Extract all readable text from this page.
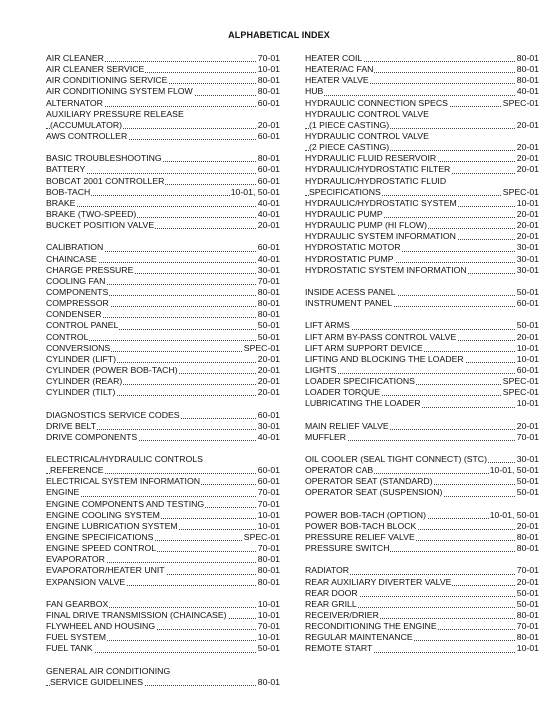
ALPHABETICAL INDEX
AIR CLEANER	70-01
AIR CLEANER SERVICE	10-01
AIR CONDITIONING SERVICE	80-01
AIR CONDITIONING SYSTEM FLOW	80-01
ALTERNATOR	60-01
AUXILIARY PRESSURE RELEASE
(ACCUMULATOR)	20-01
AWS CONTROLLER	60-01
BASIC TROUBLESHOOTING	80-01
BATTERY	60-01
BOBCAT 2001 CONTROLLER	60-01
BOB-TACH	10-01, 50-01
BRAKE	40-01
BRAKE (TWO-SPEED)	40-01
BUCKET POSITION VALVE	20-01
CALIBRATION	60-01
CHAINCASE	40-01
CHARGE PRESSURE	30-01
COOLING FAN	70-01
COMPONENTS	80-01
COMPRESSOR	80-01
CONDENSER	80-01
CONTROL PANEL	50-01
CONTROL	50-01
CONVERSIONS	SPEC-01
CYLINDER (LIFT)	20-01
CYLINDER (POWER BOB-TACH)	20-01
CYLINDER (REAR)	20-01
CYLINDER (TILT)	20-01
DIAGNOSTICS SERVICE CODES	60-01
DRIVE BELT	30-01
DRIVE COMPONENTS	40-01
ELECTRICAL/HYDRAULIC CONTROLS
REFERENCE	60-01
ELECTRICAL SYSTEM INFORMATION	60-01
ENGINE	70-01
ENGINE COMPONENTS AND TESTING	70-01
ENGINE COOLING SYSTEM	10-01
ENGINE LUBRICATION SYSTEM	10-01
ENGINE SPECIFICATIONS	SPEC-01
ENGINE SPEED CONTROL	70-01
EVAPORATOR	80-01
EVAPORATOR/HEATER UNIT	80-01
EXPANSION VALVE	80-01
FAN GEARBOX	10-01
FINAL DRIVE TRANSMISSION (CHAINCASE)	10-01
FLYWHEEL AND HOUSING	70-01
FUEL SYSTEM	10-01
FUEL TANK	50-01
GENERAL AIR CONDITIONING
SERVICE GUIDELINES	80-01
HEATER COIL	80-01
HEATER/AC FAN	80-01
HEATER VALVE	80-01
HUB	40-01
HYDRAULIC CONNECTION SPECS	SPEC-01
HYDRAULIC CONTROL VALVE
(1 PIECE CASTING)	20-01
HYDRAULIC CONTROL VALVE
(2 PIECE CASTING)	20-01
HYDRAULIC FLUID RESERVOIR	20-01
HYDRAULIC/HYDROSTATIC FILTER	20-01
HYDRAULIC/HYDROSTATIC FLUID
SPECIFICATIONS	SPEC-01
HYDRAULIC/HYDROSTATIC SYSTEM	10-01
HYDRAULIC PUMP	20-01
HYDRAULIC PUMP (HI FLOW)	20-01
HYDRAULIC SYSTEM INFORMATION	20-01
HYDROSTATIC MOTOR	30-01
HYDROSTATIC PUMP	30-01
HYDROSTATIC SYSTEM INFORMATION	30-01
INSIDE ACESS PANEL	50-01
INSTRUMENT PANEL	60-01
LIFT ARMS	50-01
LIFT ARM BY-PASS CONTROL VALVE	20-01
LIFT ARM SUPPORT DEVICE	10-01
LIFTING AND BLOCKING THE LOADER	10-01
LIGHTS	60-01
LOADER SPECIFICATIONS	SPEC-01
LOADER TORQUE	SPEC-01
LUBRICATING THE LOADER	10-01
MAIN RELIEF VALVE	20-01
MUFFLER	70-01
OIL COOLER (SEAL TIGHT CONNECT) (STC)	30-01
OPERATOR CAB	10-01, 50-01
OPERATOR SEAT (STANDARD)	50-01
OPERATOR SEAT (SUSPENSION)	50-01
POWER BOB-TACH (OPTION)	10-01, 50-01
POWER BOB-TACH BLOCK	20-01
PRESSURE RELIEF VALVE	80-01
PRESSURE SWITCH	80-01
RADIATOR	70-01
REAR AUXILIARY DIVERTER VALVE	20-01
REAR DOOR	50-01
REAR GRILL	50-01
RECEIVER/DRIER	80-01
RECONDITIONING THE ENGINE	70-01
REGULAR MAINTENANCE	80-01
REMOTE START	10-01
